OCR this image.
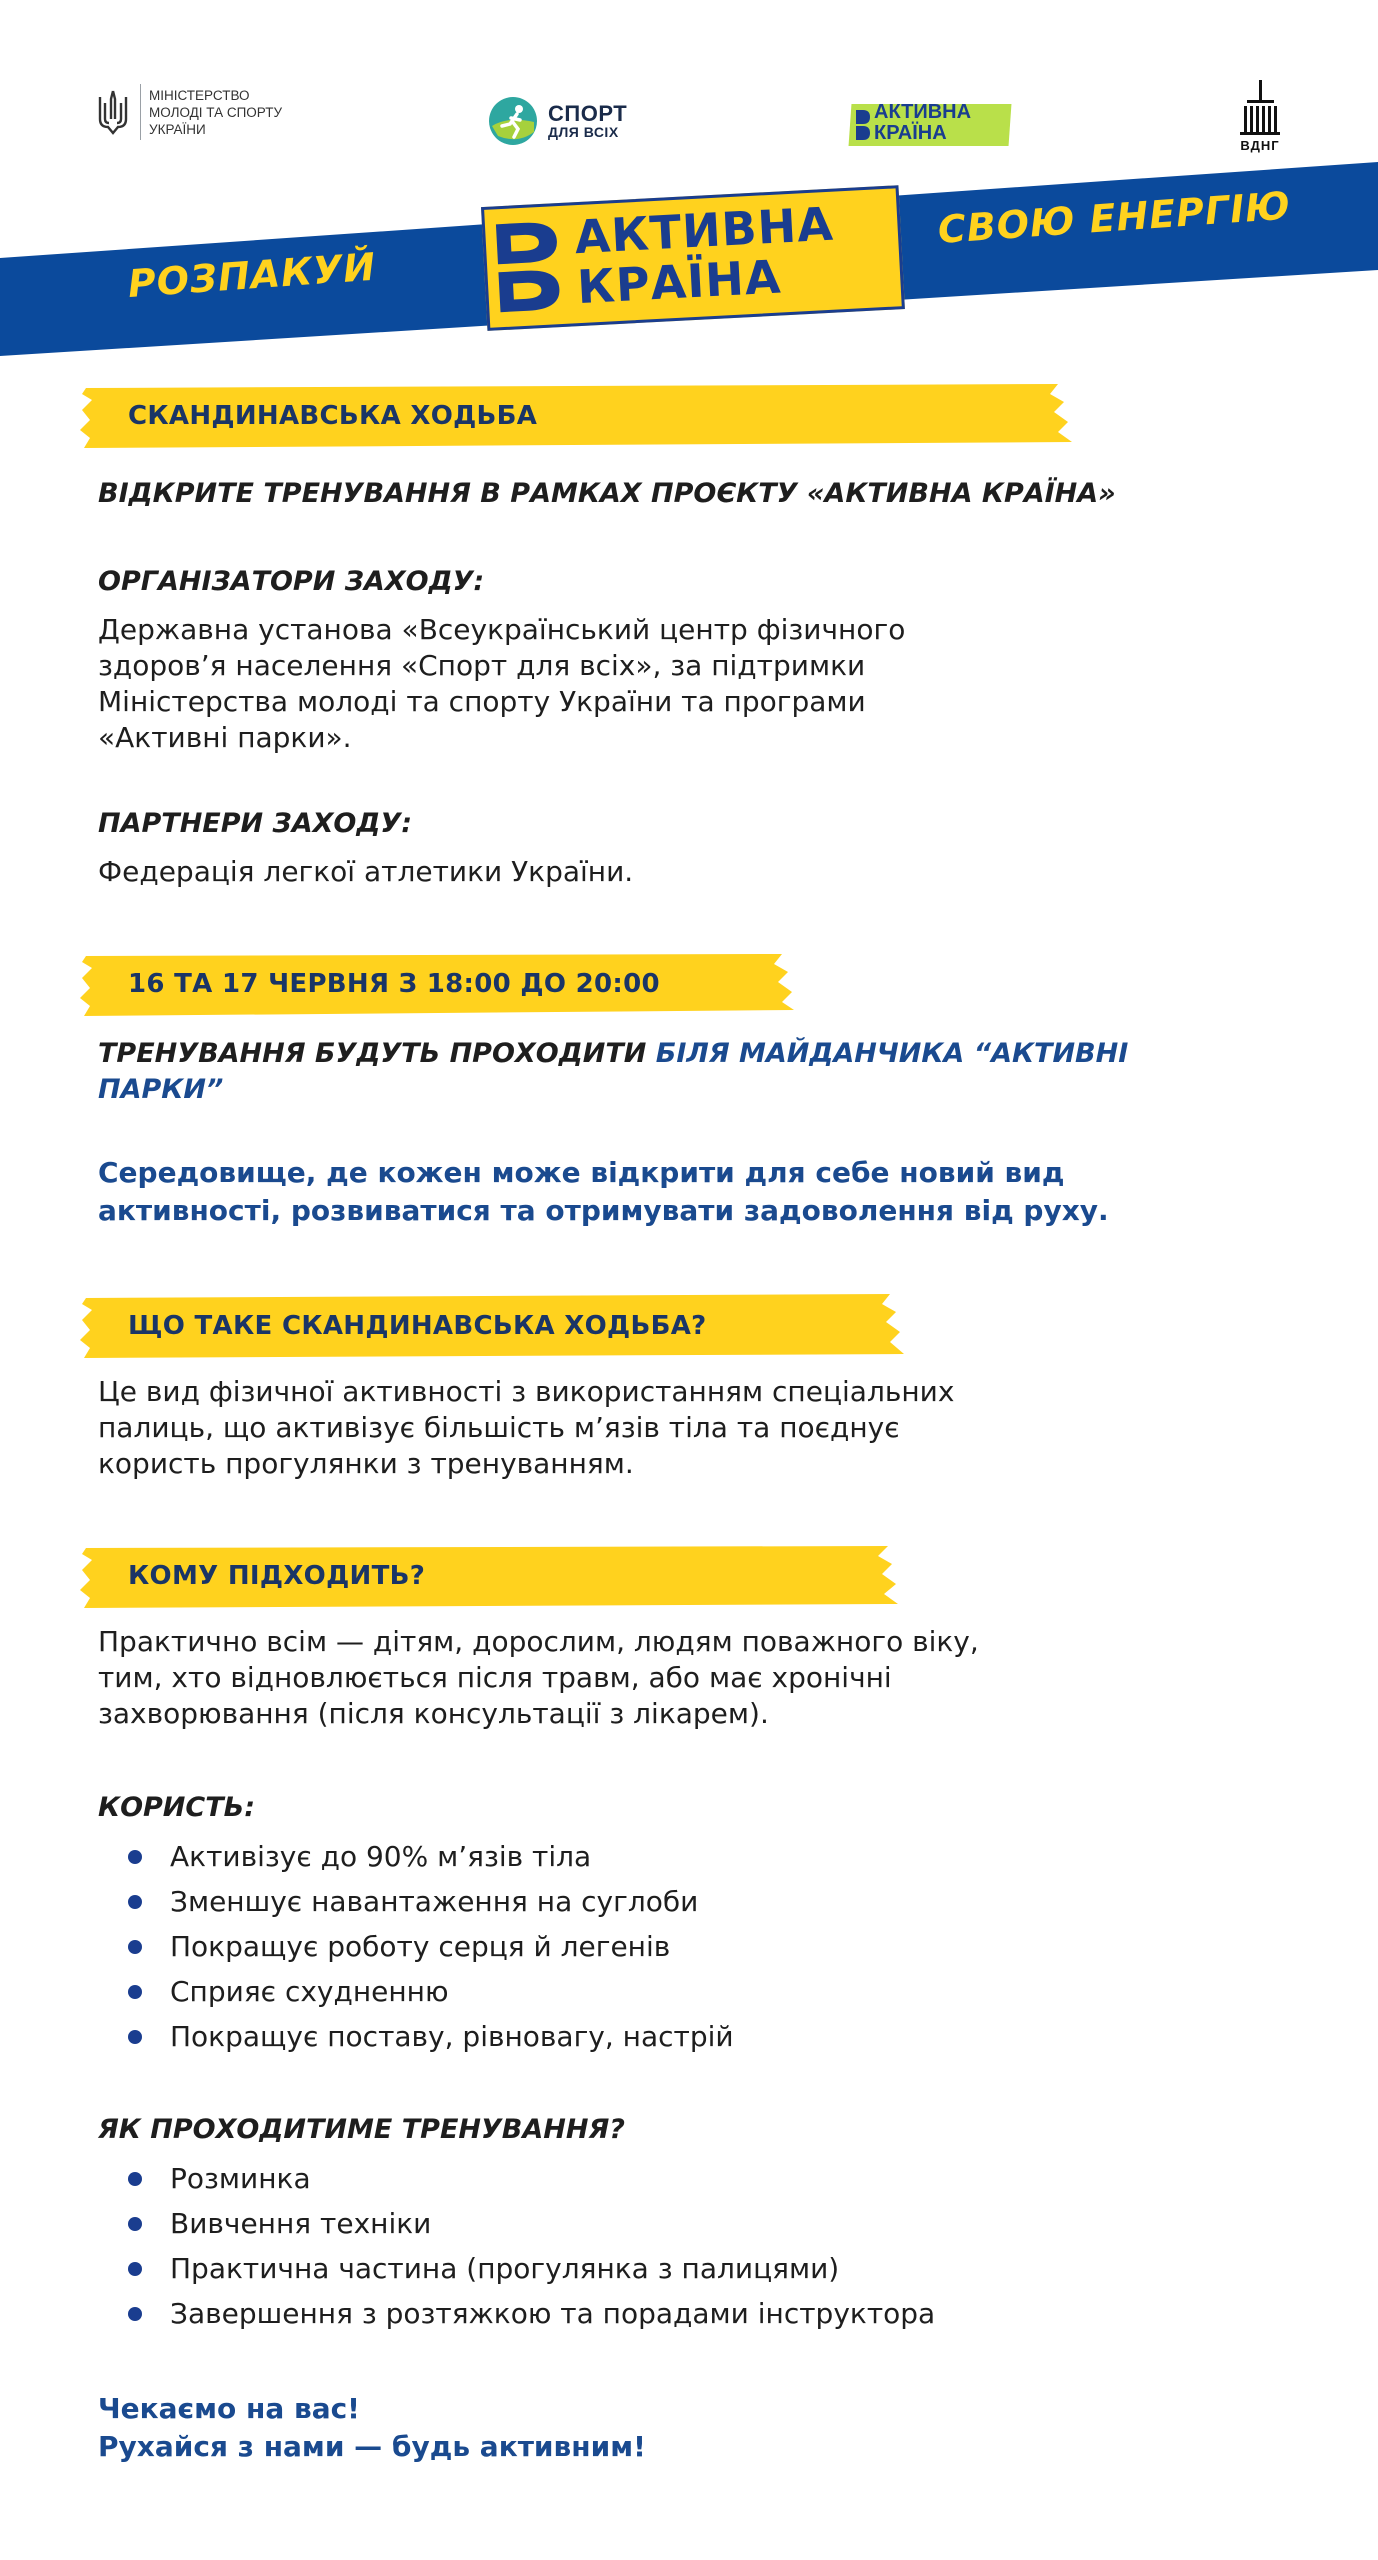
МІНІСТЕРСТВО
МОЛОДІ ТА СПОРТУ
УКРАЇНИ
СПОРТ
ДЛЯ ВСІХ
АКТИВНА
КРАЇНА
ВДНГ
РОЗПАКУЙ
СВОЮ ЕНЕРГІЮ
АКТИВНА
КРАЇНА
СКАНДИНАВСЬКА ХОДЬБА
ВІДКРИТЕ ТРЕНУВАННЯ В РАМКАХ ПРОЄКТУ «АКТИВНА КРАЇНА»
ОРГАНІЗАТОРИ ЗАХОДУ:
Державна установа «Всеукраїнський центр фізичного
здоров’я населення «Спорт для всіх», за підтримки
Міністерства молоді та спорту України та програми
«Активні парки».
ПАРТНЕРИ ЗАХОДУ:
Федерація легкої атлетики України.
16 ТА 17 ЧЕРВНЯ З 18:00 ДО 20:00
ТРЕНУВАННЯ БУДУТЬ ПРОХОДИТИ БІЛЯ МАЙДАНЧИКА “АКТИВНІ
ПАРКИ”
Середовище, де кожен може відкрити для себе новий вид
активності, розвиватися та отримувати задоволення від руху.
ЩО ТАКЕ СКАНДИНАВСЬКА ХОДЬБА?
Це вид фізичної активності з використанням спеціальних
палиць, що активізує більшість м’язів тіла та поєднує
користь прогулянки з тренуванням.
КОМУ ПІДХОДИТЬ?
Практично всім — дітям, дорослим, людям поважного віку,
тим, хто відновлюється після травм, або має хронічні
захворювання (після консультації з лікарем).
КОРИСТЬ:
Активізує до 90% м’язів тіла
Зменшує навантаження на суглоби
Покращує роботу серця й легенів
Сприяє схудненню
Покращує поставу, рівновагу, настрій
ЯК ПРОХОДИТИМЕ ТРЕНУВАННЯ?
Розминка
Вивчення техніки
Практична частина (прогулянка з палицями)
Завершення з розтяжкою та порадами інструктора
Чекаємо на вас!
Рухайся з нами — будь активним!
